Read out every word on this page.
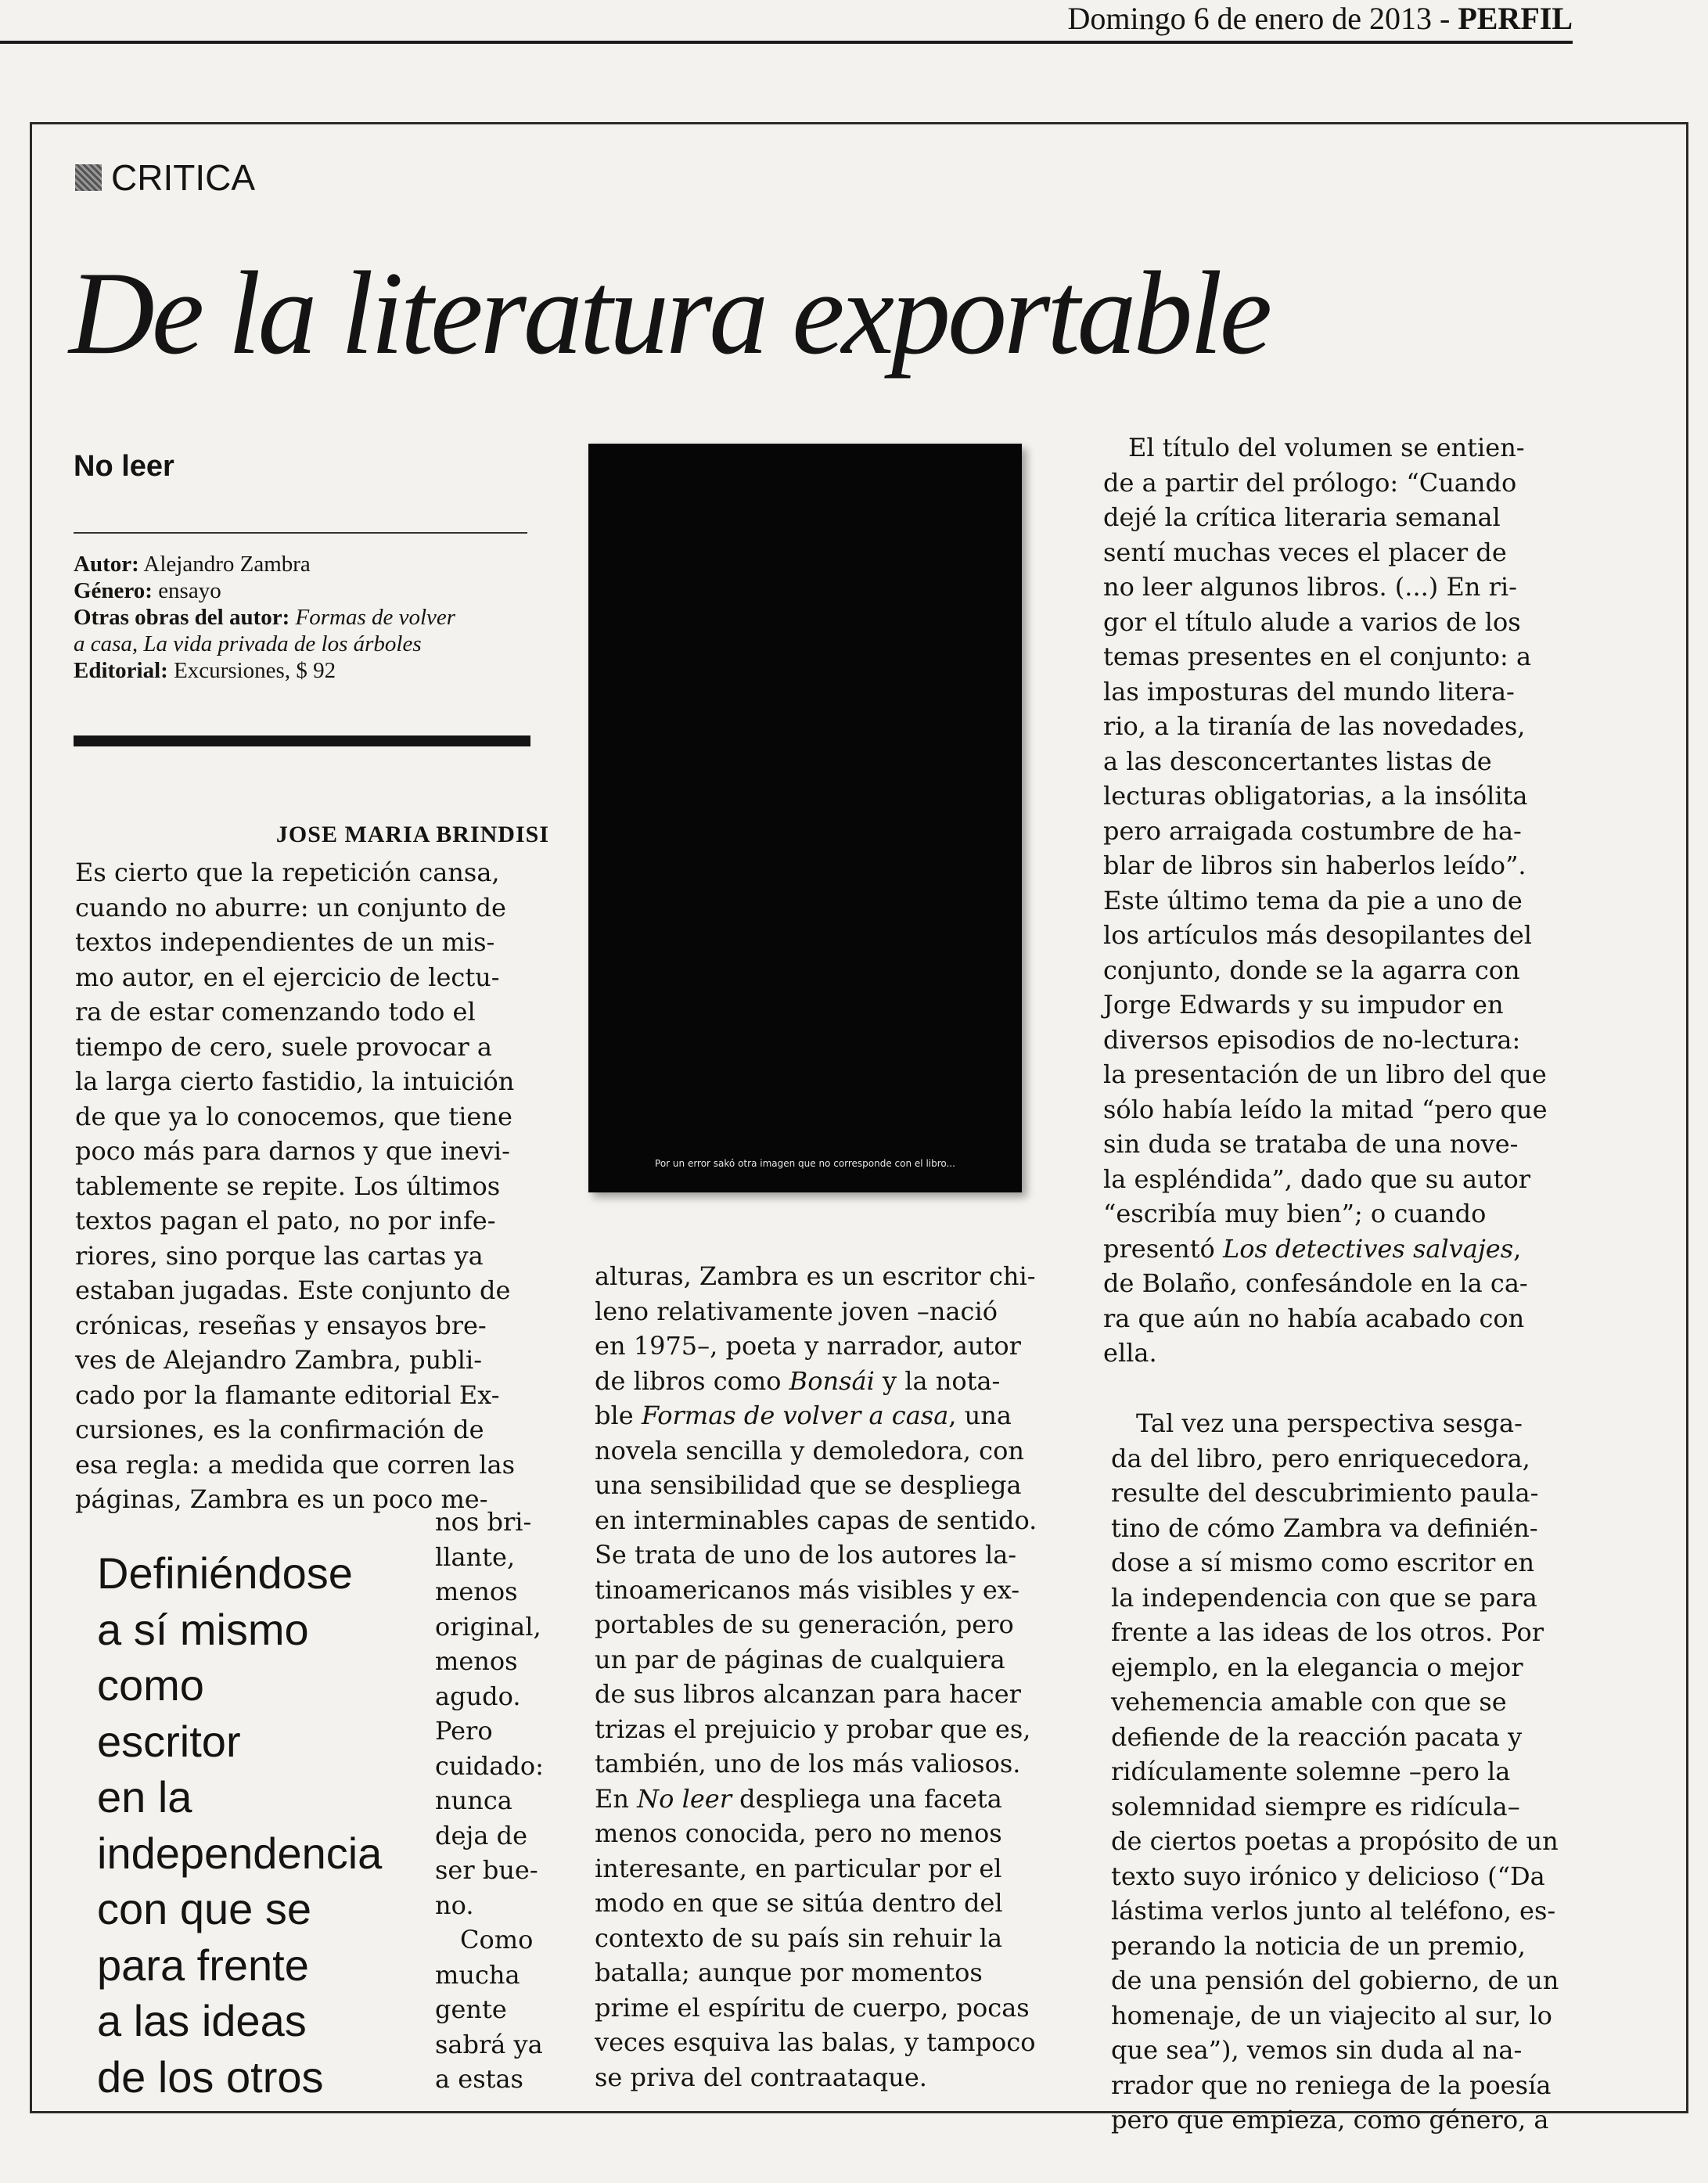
Domingo 6 de enero de 2013 - PERFIL
CRITICA
De la literatura exportable
No leer
Autor: Alejandro Zambra
Género: ensayo
Otras obras del autor: Formas de volver
a casa, La vida privada de los árboles
Editorial: Excursiones, $ 92
JOSE MARIA BRINDISI
Por un error sakó otra imagen que no corresponde con el libro...
Es cierto que la repetición cansa,
cuando no aburre: un conjunto de
textos independientes de un mis-
mo autor, en el ejercicio de lectu-
ra de estar comenzando todo el
tiempo de cero, suele provocar a
la larga cierto fastidio, la intuición
de que ya lo conocemos, que tiene
poco más para darnos y que inevi-
tablemente se repite. Los últimos
textos pagan el pato, no por infe-
riores, sino porque las cartas ya
estaban jugadas. Este conjunto de
crónicas, reseñas y ensayos bre-
ves de Alejandro Zambra, publi-
cado por la flamante editorial Ex-
cursiones, es la confirmación de
esa regla: a medida que corren las
páginas, Zambra es un poco me-
nos bri-
llante,
menos
original,
menos
agudo.
Pero
cuidado:
nunca
deja de
ser bue-
no.
Como
mucha
gente
sabrá ya
a estas
Definiéndose
a sí mismo
como
escritor
en la
independencia
con que se
para frente
a las ideas
de los otros
alturas, Zambra es un escritor chi-
leno relativamente joven –nació
en 1975–, poeta y narrador, autor
de libros como Bonsái y la nota-
ble Formas de volver a casa, una
novela sencilla y demoledora, con
una sensibilidad que se despliega
en interminables capas de sentido.
Se trata de uno de los autores la-
tinoamericanos más visibles y ex-
portables de su generación, pero
un par de páginas de cualquiera
de sus libros alcanzan para hacer
trizas el prejuicio y probar que es,
también, uno de los más valiosos.
En No leer despliega una faceta
menos conocida, pero no menos
interesante, en particular por el
modo en que se sitúa dentro del
contexto de su país sin rehuir la
batalla; aunque por momentos
prime el espíritu de cuerpo, pocas
veces esquiva las balas, y tampoco
se priva del contraataque.
El título del volumen se entien-
de a partir del prólogo: “Cuando
dejé la crítica literaria semanal
sentí muchas veces el placer de
no leer algunos libros. (...) En ri-
gor el título alude a varios de los
temas presentes en el conjunto: a
las imposturas del mundo litera-
rio, a la tiranía de las novedades,
a las desconcertantes listas de
lecturas obligatorias, a la insólita
pero arraigada costumbre de ha-
blar de libros sin haberlos leído”.
Este último tema da pie a uno de
los artículos más desopilantes del
conjunto, donde se la agarra con
Jorge Edwards y su impudor en
diversos episodios de no-lectura:
la presentación de un libro del que
sólo había leído la mitad “pero que
sin duda se trataba de una nove-
la espléndida”, dado que su autor
“escribía muy bien”; o cuando
presentó Los detectives salvajes,
de Bolaño, confesándole en la ca-
ra que aún no había acabado con
ella.
Tal vez una perspectiva sesga-
da del libro, pero enriquecedora,
resulte del descubrimiento paula-
tino de cómo Zambra va definién-
dose a sí mismo como escritor en
la independencia con que se para
frente a las ideas de los otros. Por
ejemplo, en la elegancia o mejor
vehemencia amable con que se
defiende de la reacción pacata y
ridículamente solemne –pero la
solemnidad siempre es ridícula–
de ciertos poetas a propósito de un
texto suyo irónico y delicioso (“Da
lástima verlos junto al teléfono, es-
perando la noticia de un premio,
de una pensión del gobierno, de un
homenaje, de un viajecito al sur, lo
que sea”), vemos sin duda al na-
rrador que no reniega de la poesía
pero que empieza, como género, a
